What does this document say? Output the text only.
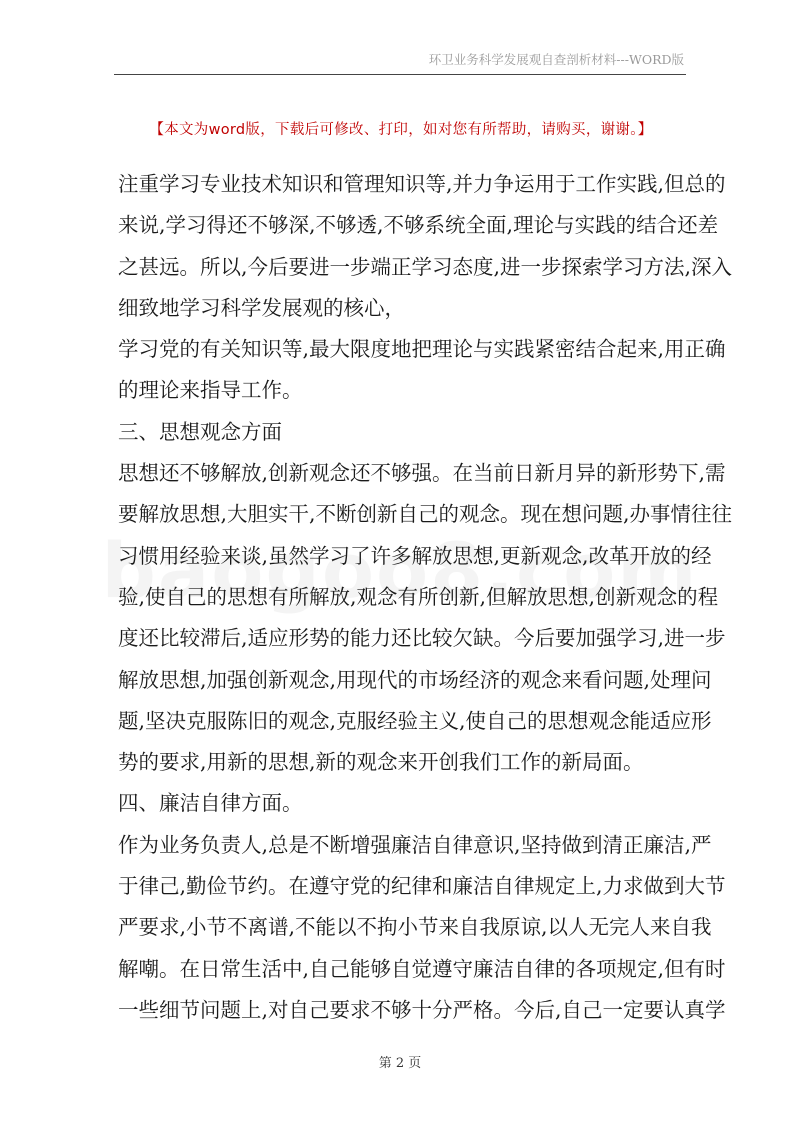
环卫业务科学发展观自查剖析材料---WORD版
【本文为word版，下载后可修改、打印，如对您有所帮助，请购买，谢谢。】

注重学习专业技术知识和管理知识等,并力争运用于工作实践,但总的

来说,学习得还不够深,不够透,不够系统全面,理论与实践的结合还差

之甚远。所以,今后要进一步端正学习态度,进一步探索学习方法,深入

细致地学习科学发展观的核心，

学习党的有关知识等,最大限度地把理论与实践紧密结合起来,用正确

的理论来指导工作。

三、思想观念方面

思想还不够解放,创新观念还不够强。在当前日新月异的新形势下,需

要解放思想,大胆实干,不断创新自己的观念。现在想问题,办事情往往

习惯用经验来谈,虽然学习了许多解放思想,更新观念,改革开放的经

验,使自己的思想有所解放,观念有所创新,但解放思想,创新观念的程

度还比较滞后,适应形势的能力还比较欠缺。今后要加强学习,进一步

解放思想,加强创新观念,用现代的市场经济的观念来看问题,处理问

题,坚决克服陈旧的观念,克服经验主义,使自己的思想观念能适应形

势的要求,用新的思想,新的观念来开创我们工作的新局面。

四、廉洁自律方面。

作为业务负责人,总是不断增强廉洁自律意识,坚持做到清正廉洁,严

于律己,勤俭节约。在遵守党的纪律和廉洁自律规定上,力求做到大节

严要求,小节不离谱,不能以不拘小节来自我原谅,以人无完人来自我

解嘲。在日常生活中,自己能够自觉遵守廉洁自律的各项规定,但有时

一些细节问题上,对自己要求不够十分严格。今后,自己一定要认真学

第 2 页
